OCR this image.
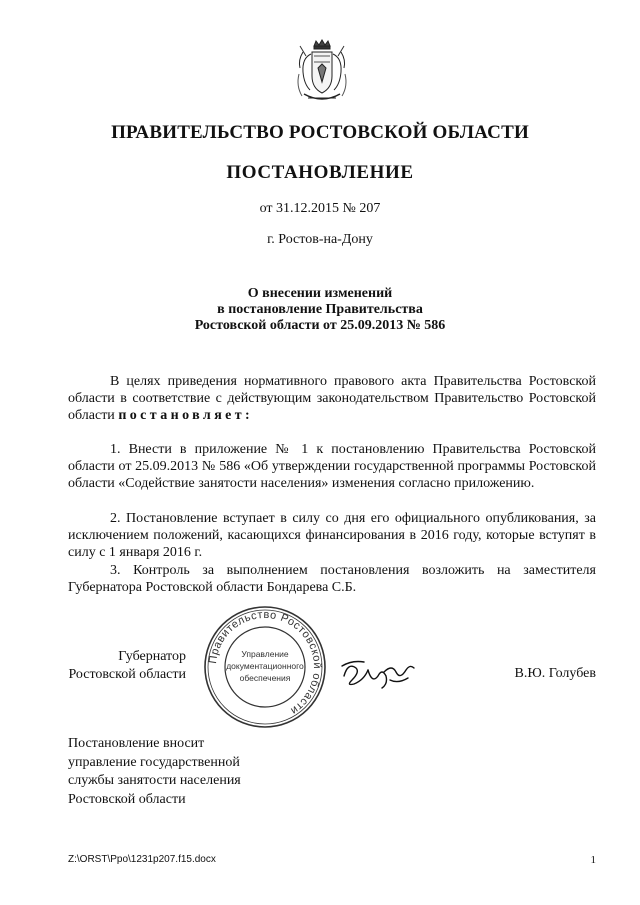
ПРАВИТЕЛЬСТВО РОСТОВСКОЙ ОБЛАСТИ
ПОСТАНОВЛЕНИЕ
от 31.12.2015 № 207
г. Ростов-на-Дону
О внесении изменений
в постановление Правительства
Ростовской области от 25.09.2013 № 586
В целях приведения нормативного правового акта Правительства Ростовской области в соответствие с действующим законодательством Правительство Ростовской области постановляет:
1. Внести в приложение № 1 к постановлению Правительства Ростовской области от 25.09.2013 № 586 «Об утверждении государственной программы Ростовской области «Содействие занятости населения» изменения согласно приложению.
2. Постановление вступает в силу со дня его официального опубликования, за исключением положений, касающихся финансирования в 2016 году, которые вступят в силу с 1 января 2016 г.
3. Контроль за выполнением постановления возложить на заместителя Губернатора Ростовской области Бондарева С.Б.
Губернатор
Ростовской области
Правительство Ростовской области
Управление
документационного
обеспечения	В.Ю. Голубев
Постановление вносит
управление государственной
службы занятости населения
Ростовской области
Z:\ORST\Ppo\1231p207.f15.docx	1
